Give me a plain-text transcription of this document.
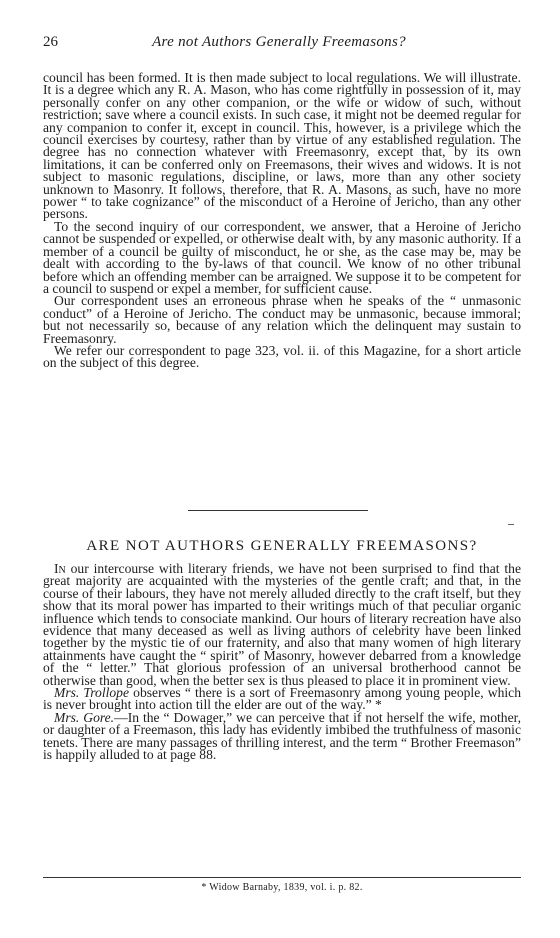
26	Are not Authors Generally Freemasons?

council has been formed. It is then made subject to local regulations. We will illustrate. It is a degree which any R. A. Mason, who has come rightfully in possession of it, may personally confer on any other companion, or the wife or widow of such, without restriction; save where a council exists. In such case, it might not be deemed regular for any companion to confer it, except in council. This, however, is a privilege which the council exercises by courtesy, rather than by virtue of any established regulation. The degree has no connection whatever with Freemasonry, except that, by its own limitations, it can be conferred only on Freemasons, their wives and widows. It is not subject to masonic regulations, discipline, or laws, more than any other society unknown to Masonry. It follows, therefore, that R. A. Masons, as such, have no more power “ to take cognizance” of the misconduct of a Heroine of Jericho, than any other persons.

To the second inquiry of our correspondent, we answer, that a Heroine of Jericho cannot be suspended or expelled, or otherwise dealt with, by any masonic authority. If a member of a council be guilty of misconduct, he or she, as the case may be, may be dealt with according to the by-laws of that council. We know of no other tribunal before which an offending member can be arraigned. We suppose it to be competent for a council to suspend or expel a member, for sufficient cause.

Our correspondent uses an erroneous phrase when he speaks of the “ unmasonic conduct” of a Heroine of Jericho. The conduct may be unmasonic, because immoral; but not necessarily so, because of any relation which the delinquent may sustain to Freemasonry.

We refer our correspondent to page 323, vol. ii. of this Magazine, for a short article on the subject of this degree.

ARE NOT AUTHORS GENERALLY FREEMASONS?

In our intercourse with literary friends, we have not been surprised to find that the great majority are acquainted with the mysteries of the gentle craft; and that, in the course of their labours, they have not merely alluded directly to the craft itself, but they show that its moral power has imparted to their writings much of that peculiar organic influence which tends to consociate mankind. Our hours of literary recreation have also evidence that many deceased as well as living authors of celebrity have been linked together by the mystic tie of our fraternity, and also that many women of high literary attainments have caught the “ spirit” of Masonry, however debarred from a knowledge of the “ letter.” That glorious profession of an universal brotherhood cannot be otherwise than good, when the better sex is thus pleased to place it in prominent view.

Mrs. Trollope observes “ there is a sort of Freemasonry among young people, which is never brought into action till the elder are out of the way.” *

Mrs. Gore.—In the “ Dowager,” we can perceive that if not herself the wife, mother, or daughter of a Freemason, this lady has evidently imbibed the truthfulness of masonic tenets. There are many passages of thrilling interest, and the term “ Brother Freemason” is happily alluded to at page 88.

* Widow Barnaby, 1839, vol. i. p. 82.
